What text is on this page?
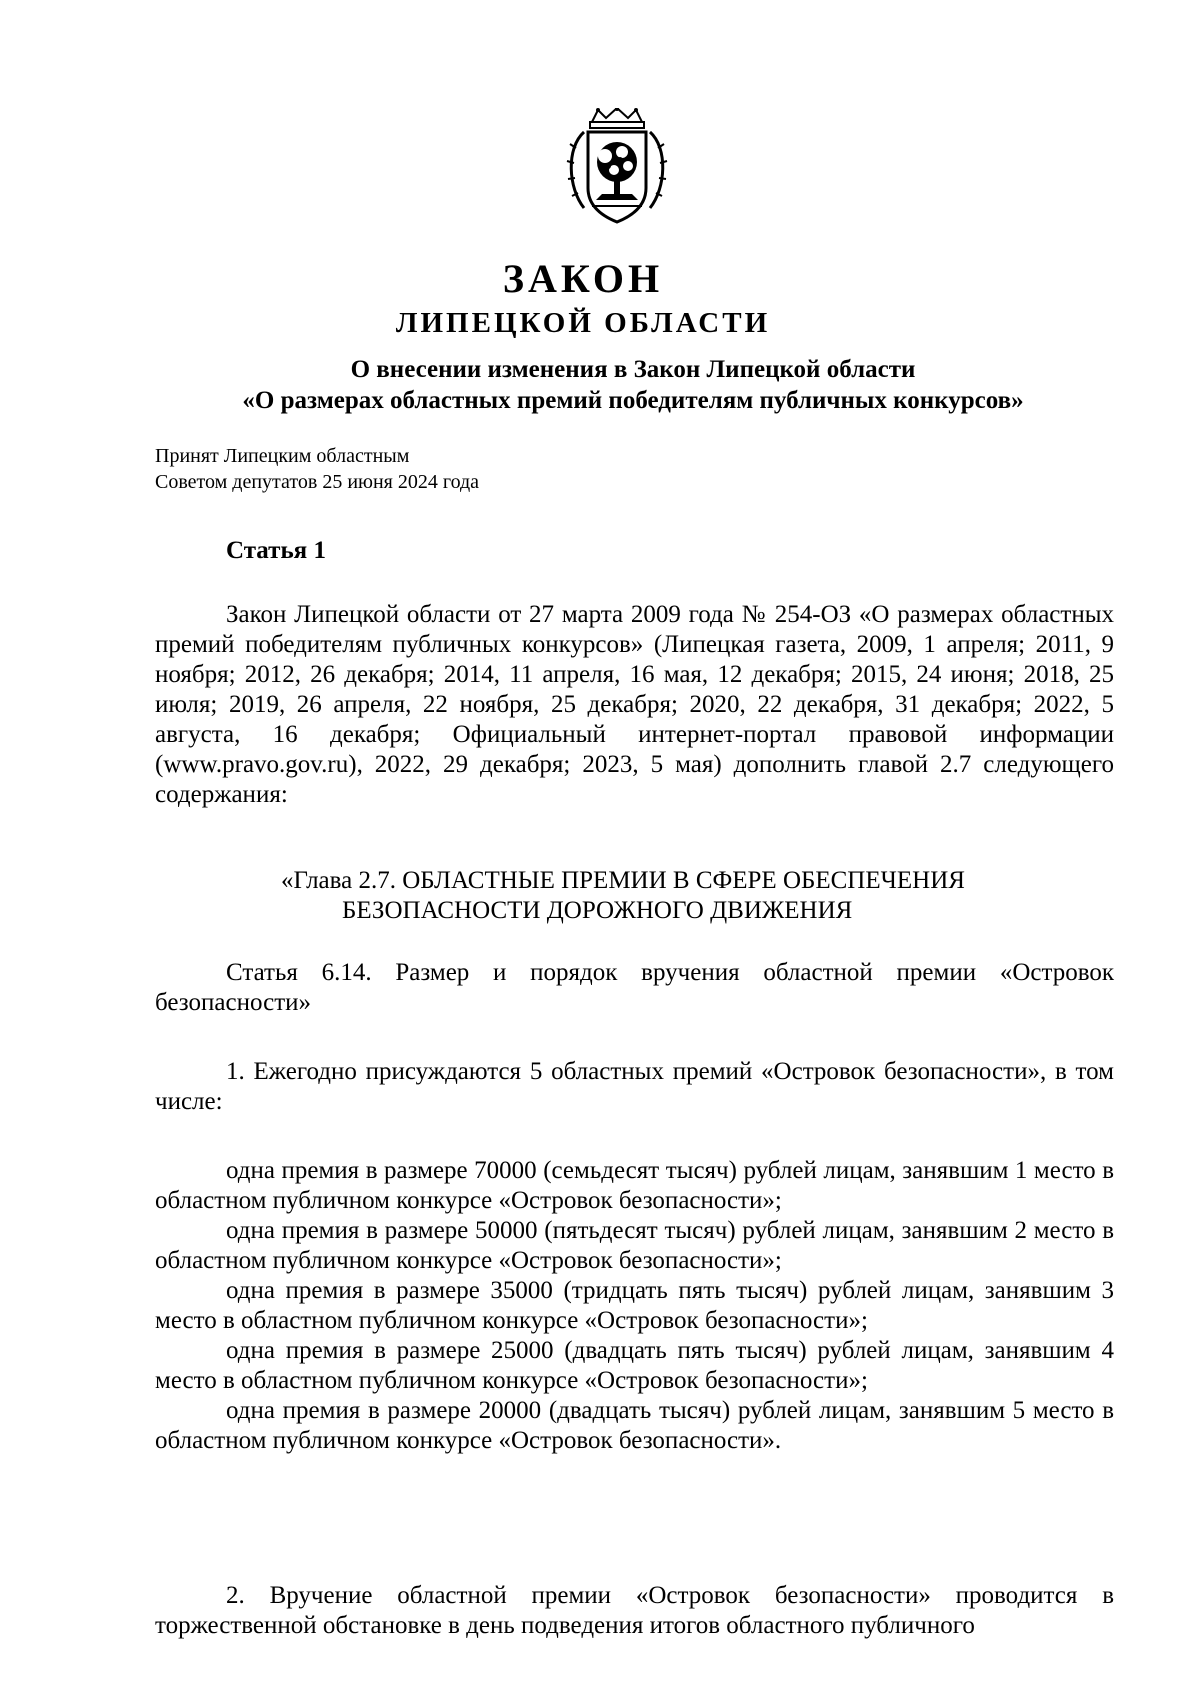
ЗАКОН
ЛИПЕЦКОЙ ОБЛАСТИ

О внесении изменения в Закон Липецкой области

«О размерах областных премий победителям публичных конкурсов»

Принят Липецким областным

Советом депутатов 25 июня 2024 года

Статья 1

Закон Липецкой области от 27 марта 2009 года № 254-ОЗ «О размерах областных премий победителям публичных конкурсов» (Липецкая газета, 2009, 1 апреля; 2011, 9 ноября; 2012, 26 декабря; 2014, 11 апреля, 16 мая, 12 декабря; 2015, 24 июня; 2018, 25 июля; 2019, 26 апреля, 22 ноября, 25 декабря; 2020, 22 декабря, 31 декабря; 2022, 5 августа, 16 декабря; Официальный интернет-портал правовой информации (www.pravo.gov.ru), 2022, 29 декабря; 2023, 5 мая) дополнить главой 2.7 следующего содержания:

«Глава 2.7. ОБЛАСТНЫЕ ПРЕМИИ В СФЕРЕ ОБЕСПЕЧЕНИЯ

БЕЗОПАСНОСТИ ДОРОЖНОГО ДВИЖЕНИЯ

Статья 6.14. Размер и порядок вручения областной премии «Островок безопасности»

1. Ежегодно присуждаются 5 областных премий «Островок безопасности», в том числе:

одна премия в размере 70000 (семьдесят тысяч) рублей лицам, занявшим 1 место в областном публичном конкурсе «Островок безопасности»;

одна премия в размере 50000 (пятьдесят тысяч) рублей лицам, занявшим 2 место в областном публичном конкурсе «Островок безопасности»;

одна премия в размере 35000 (тридцать пять тысяч) рублей лицам, занявшим 3 место в областном публичном конкурсе «Островок безопасности»;

одна премия в размере 25000 (двадцать пять тысяч) рублей лицам, занявшим 4 место в областном публичном конкурсе «Островок безопасности»;

одна премия в размере 20000 (двадцать тысяч) рублей лицам, занявшим 5 место в областном публичном конкурсе «Островок безопасности».

2. Вручение областной премии «Островок безопасности» проводится в торжественной обстановке в день подведения итогов областного публичного
